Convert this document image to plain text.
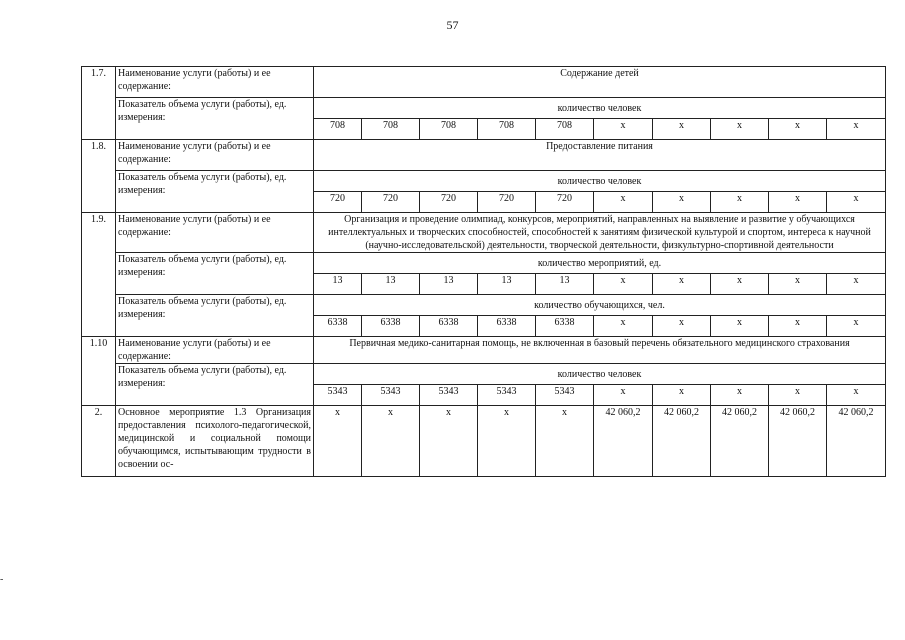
57
1.7.	Наименование услуги (работы) и ее содержание:	Содержание детей									
	Показатель объема услуги (работы), ед. измерения:	количество человек									
		708	708	708	708	708	x	x	x	x	x
1.8.	Наименование услуги (работы) и ее содержание:	Предоставление питания									
	Показатель объема услуги (работы), ед. измерения:	количество человек									
		720	720	720	720	720	x	x	x	x	x
1.9.	Наименование услуги (работы) и ее содержание:	Организация и проведение олимпиад, конкурсов, мероприятий, направленных на выявление и развитие у обучающихся интеллектуальных и творческих способностей, способностей к занятиям физической культурой и спортом, интереса к научной (научно-исследовательской) деятельности, творческой деятельности, физкультурно-спортивной деятельности									
	Показатель объема услуги (работы), ед. измерения:	количество мероприятий, ед.									
		13	13	13	13	13	x	x	x	x	x
	Показатель объема услуги (работы), ед. измерения:	количество обучающихся, чел.									
		6338	6338	6338	6338	6338	x	x	x	x	x
1.10	Наименование услуги (работы) и ее содержание:	Первичная медико-санитарная помощь, не включенная в базовый перечень обязательного медицинского страхования									
	Показатель объема услуги (работы), ед. измерения:	количество человек									
		5343	5343	5343	5343	5343	x	x	x	x	x
2.	Основное мероприятие 1.3 Организация предоставления психолого-педагогической, медицинской и социальной помощи обучающимся, испытывающим трудности в освоении ос-	x	x	x	x	x	42 060,2	42 060,2	42 060,2	42 060,2	42 060,2
-
